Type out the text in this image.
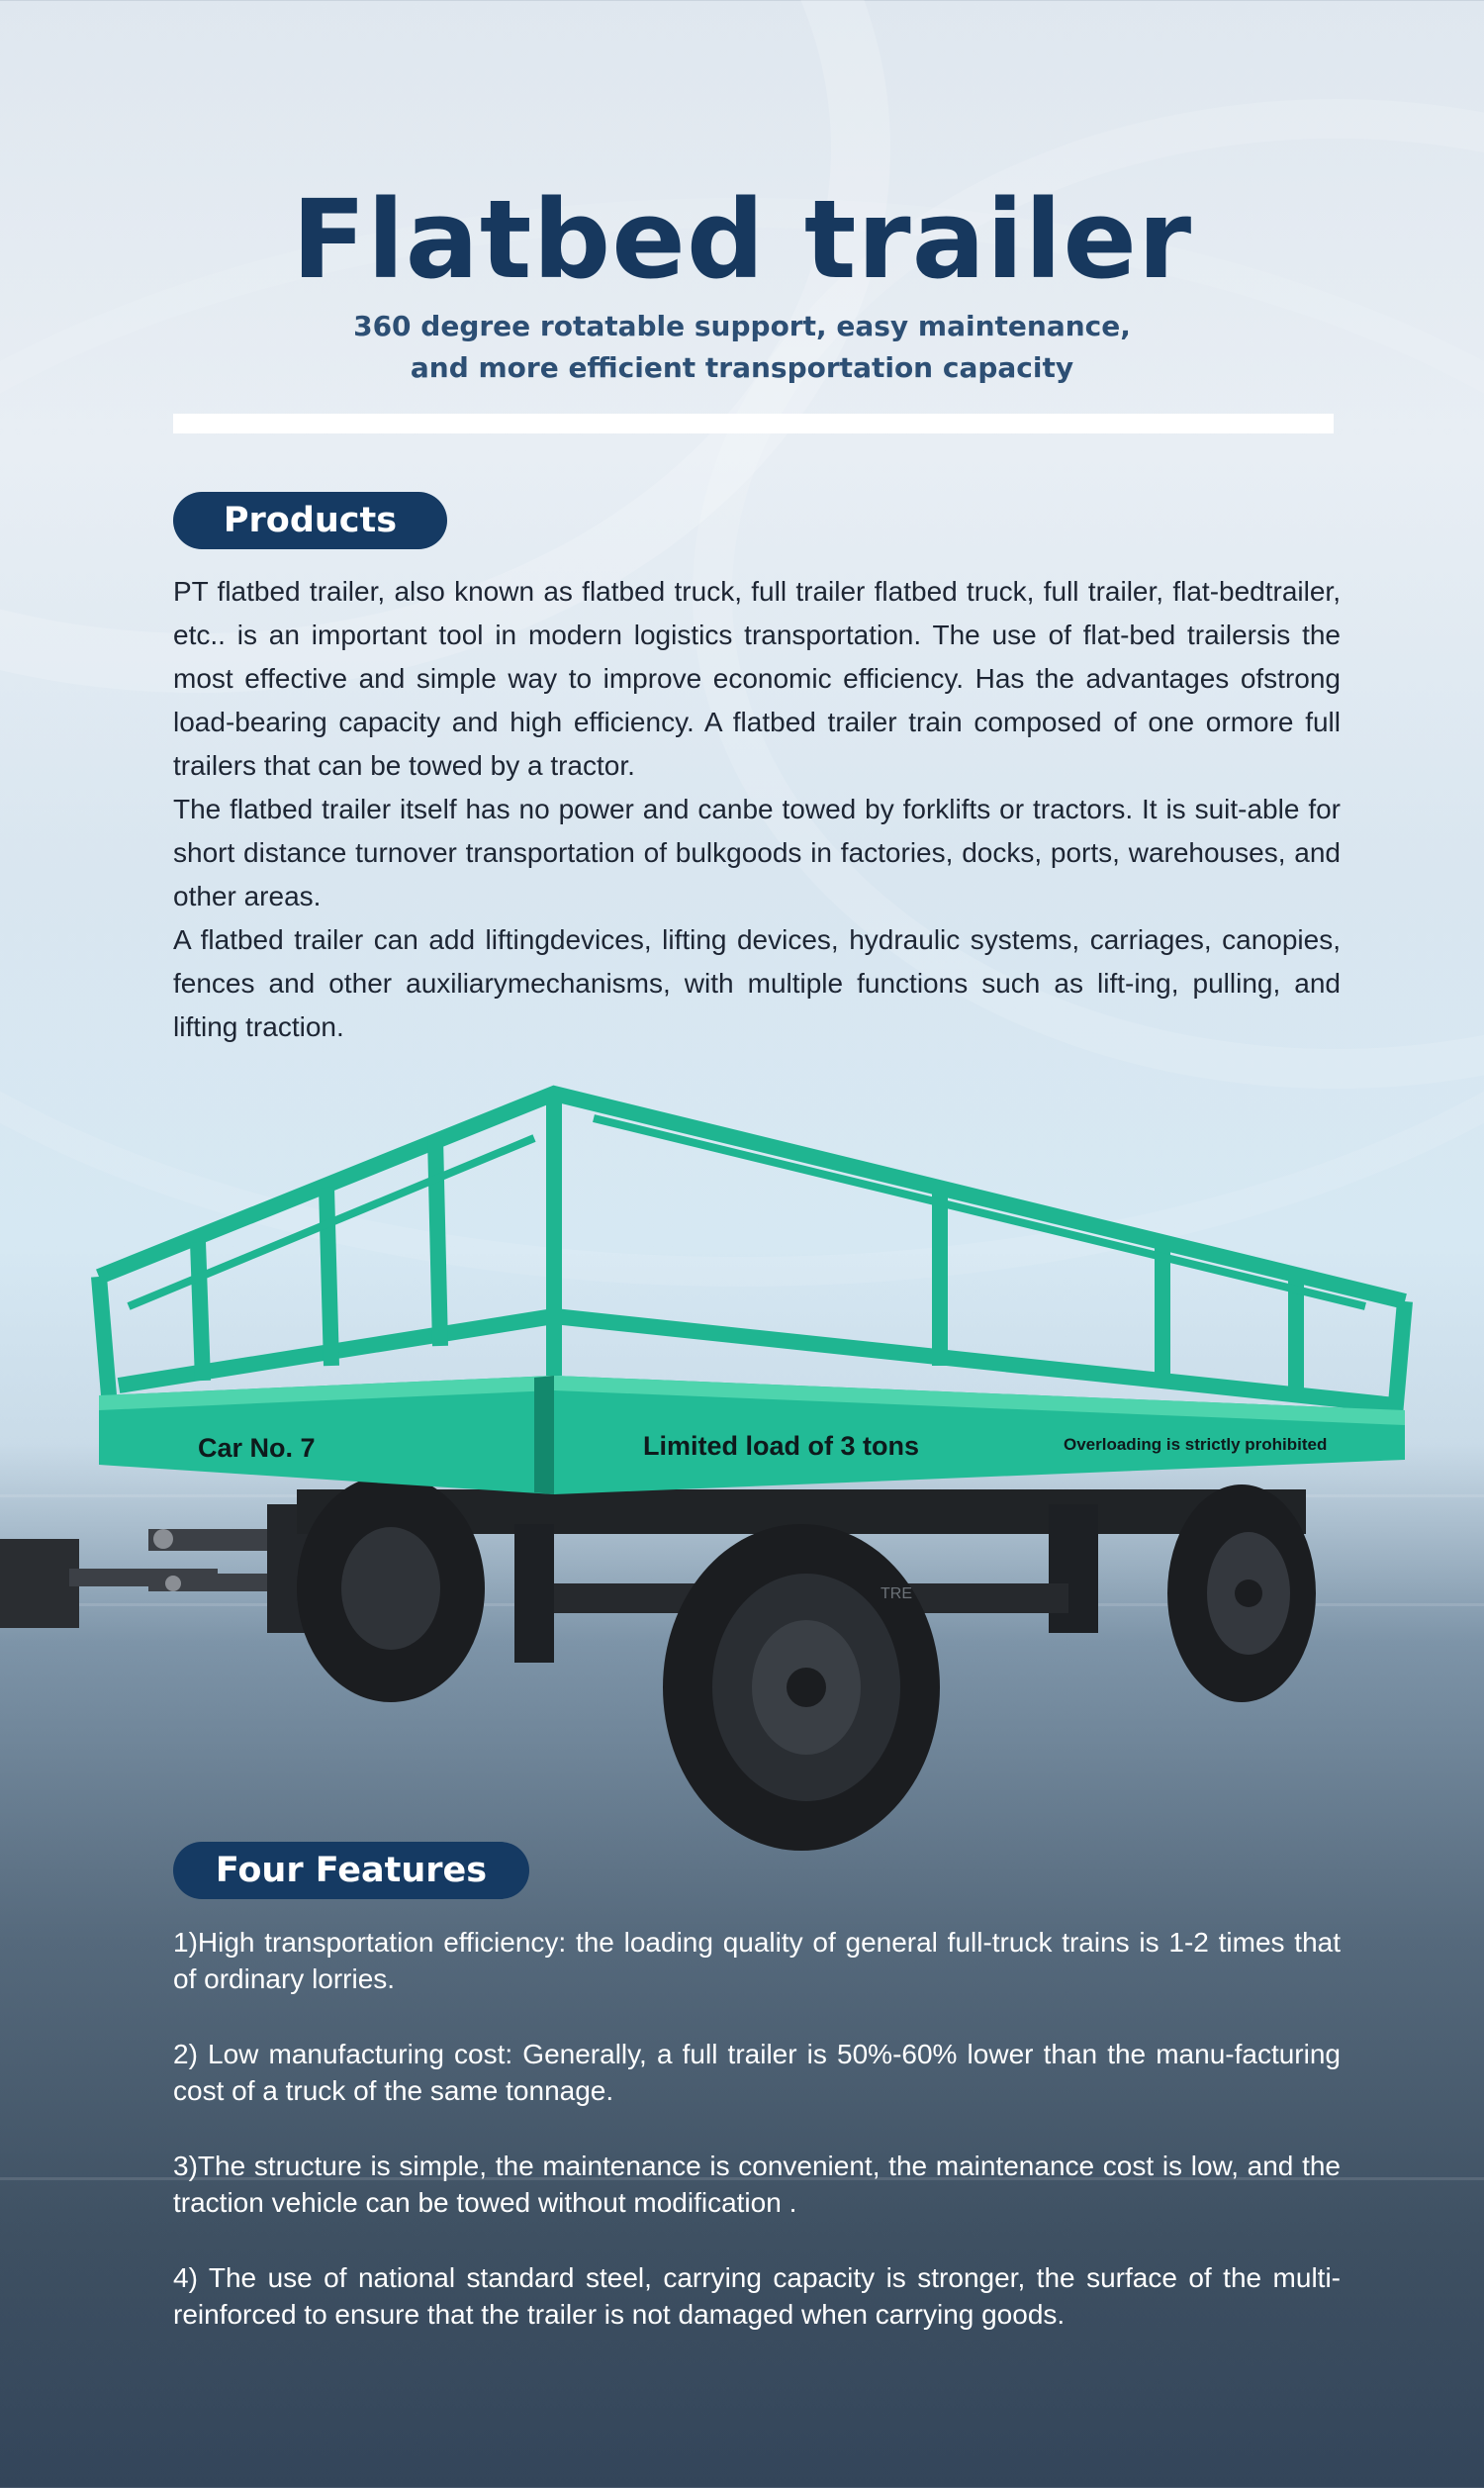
Flatbed trailer
360 degree rotatable support, easy maintenance,
and more efficient transportation capacity
Products

PT flatbed trailer, also known as flatbed truck, full trailer flatbed truck, full trailer, flat-bedtrailer, etc.. is an important tool in modern logistics transportation. The use of flat-bed trailersis the most effective and simple way to improve economic efficiency. Has the advantages ofstrong load-bearing capacity and high efficiency. A flatbed trailer train composed of one ormore full trailers that can be towed by a tractor.

The flatbed trailer itself has no power and canbe towed by forklifts or tractors. It is suit-able for short distance turnover transportation of bulkgoods in factories, docks, ports, warehouses, and other areas.

A flatbed trailer can add liftingdevices, lifting devices, hydraulic systems, carriages, canopies, fences and other auxiliarymechanisms, with multiple functions such as lift-ing, pulling, and lifting traction.

Car No. 7	Limited load of 3 tons	Overloading is strictly prohibited
TRE
Four Features

1)High transportation efficiency: the loading quality of general full-truck trains is 1-2 times that of ordinary lorries.

2) Low manufacturing cost: Generally, a full trailer is 50%-60% lower than the manu-facturing cost of a truck of the same tonnage.

3)The structure is simple, the maintenance is convenient, the maintenance cost is low, and the traction vehicle can be towed without modification .

4) The use of national standard steel, carrying capacity is stronger, the surface of the multi-reinforced to ensure that the trailer is not damaged when carrying goods.
